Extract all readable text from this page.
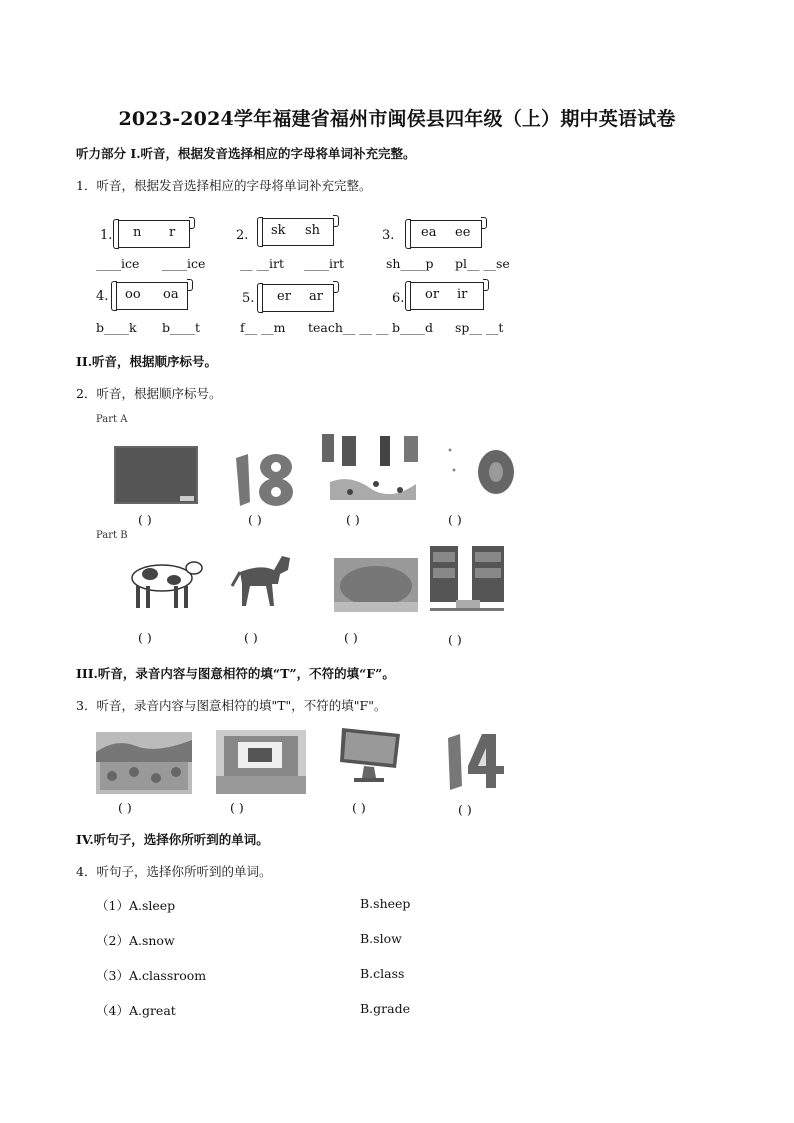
2023-2024学年福建省福州市闽侯县四年级（上）期中英语试卷
听力部分 I.听音，根据发音选择相应的字母将单词补充完整。
1．听音，根据发音选择相应的字母将单词补充完整。
1. n r
____ice ____ice
2. sk sh
__ __irt ____irt
3. ea ee
sh____p pl__ __se
4. oo oa
b____k b____t
5. er ar
f__ __m teach__ __ __
6. or ir
b____d sp__ __t
II.听音，根据顺序标号。
2．听音，根据顺序标号。
Part A
( )	( )	( )	( )
Part B
( )	( )	( )	( )
III.听音，录音内容与图意相符的填“T”，不符的填“F”。
3．听音，录音内容与图意相符的填"T"，不符的填"F"。
( )	( )	( )	( )
IV.听句子，选择你所听到的单词。
4．听句子，选择你所听到的单词。
（1）A.sleep	B.sheep
（2）A.snow	B.slow
（3）A.classroom	B.class
（4）A.great	B.grade
